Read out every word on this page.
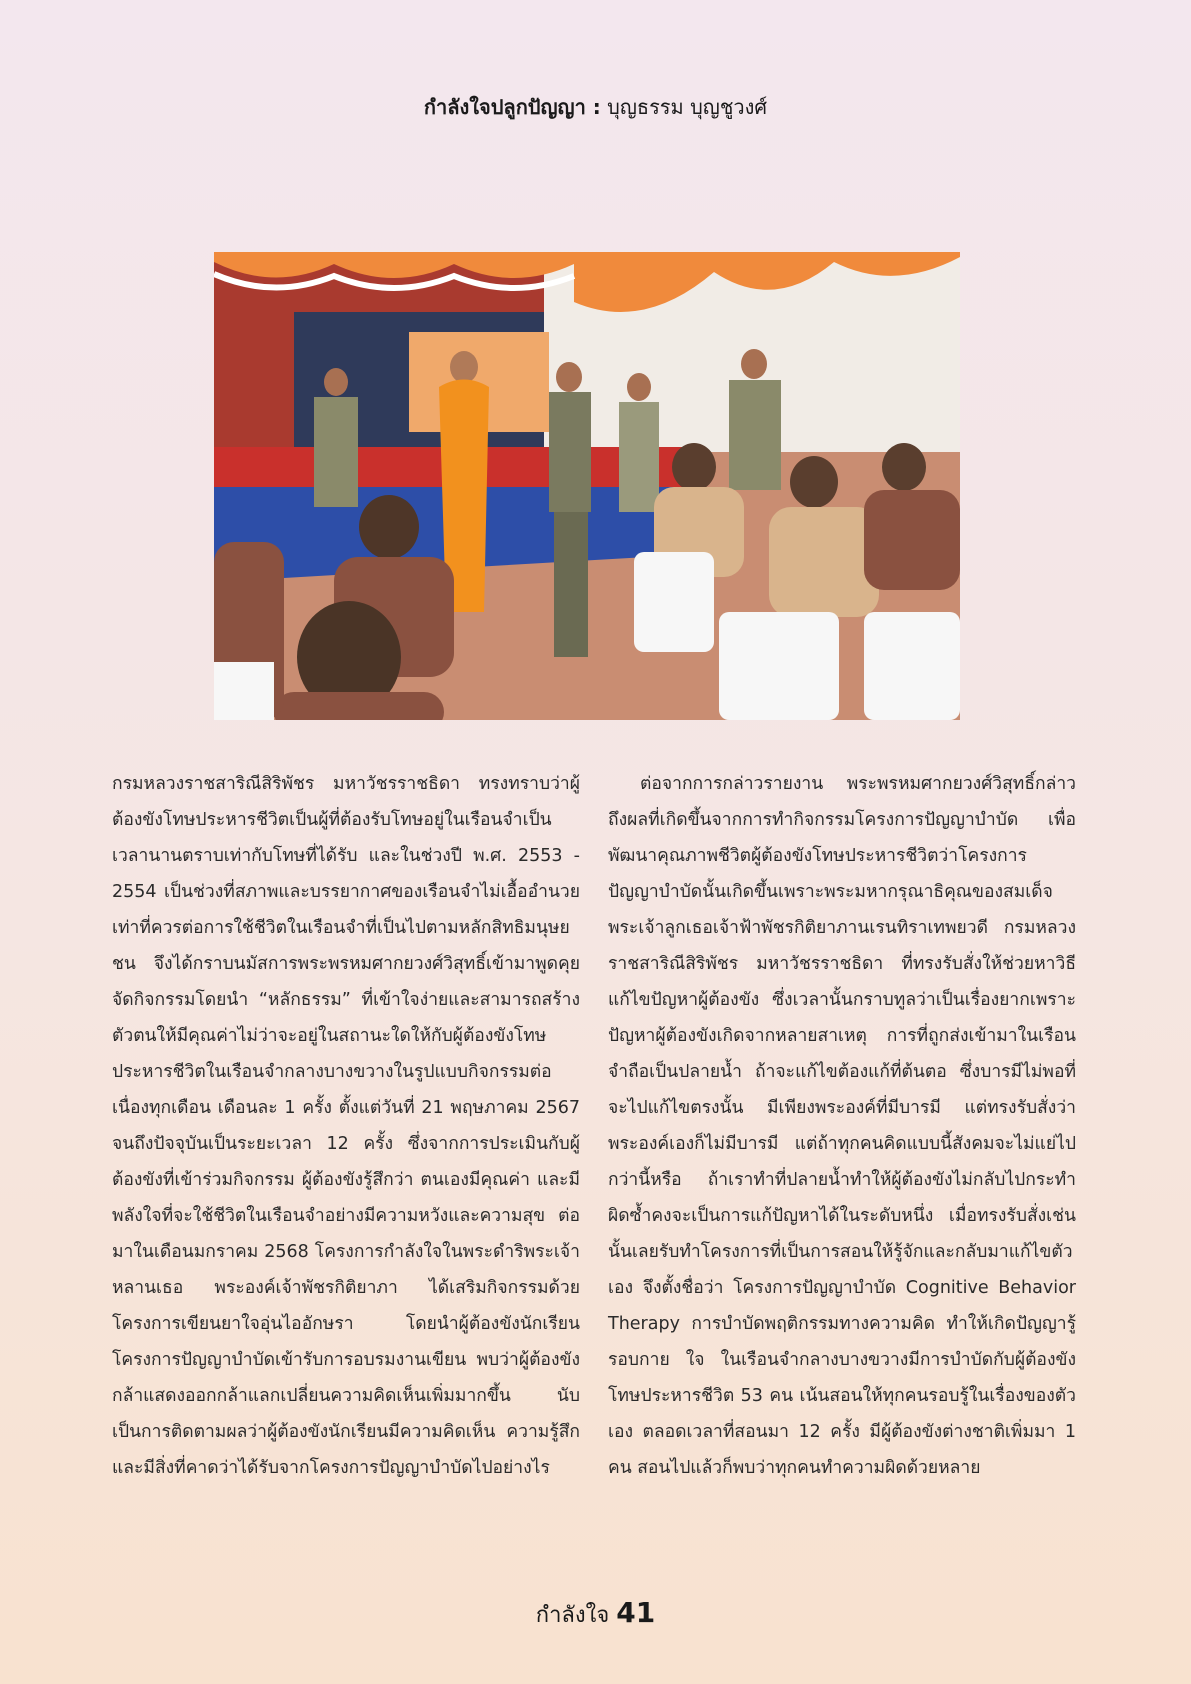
กำลังใจปลูกปัญญา : บุญธรรม บุญชูวงศ์

กรมหลวงราชสาริณีสิริพัชร มหาวัชรราชธิดา ทรงทราบว่าผู้ต้องขังโทษประหารชีวิตเป็นผู้ที่ต้องรับโทษอยู่ในเรือนจำเป็นเวลานานตราบเท่ากับโทษที่ได้รับ และในช่วงปี พ.ศ. 2553 - 2554 เป็นช่วงที่สภาพและบรรยากาศของเรือนจำไม่เอื้ออำนวยเท่าที่ควรต่อการใช้ชีวิตในเรือนจำที่เป็นไปตามหลักสิทธิมนุษยชน จึงได้กราบนมัสการพระพรหมศากยวงศ์วิสุทธิ์เข้ามาพูดคุย จัดกิจกรรมโดยนำ “หลักธรรม” ที่เข้าใจง่ายและสามารถสร้างตัวตนให้มีคุณค่าไม่ว่าจะอยู่ในสถานะใดให้กับผู้ต้องขังโทษประหารชีวิตในเรือนจำกลางบางขวางในรูปแบบกิจกรรมต่อเนื่องทุกเดือน เดือนละ 1 ครั้ง ตั้งแต่วันที่ 21 พฤษภาคม 2567 จนถึงปัจจุบันเป็นระยะเวลา 12 ครั้ง ซึ่งจากการประเมินกับผู้ต้องขังที่เข้าร่วมกิจกรรม ผู้ต้องขังรู้สึกว่า ตนเองมีคุณค่า และมีพลังใจที่จะใช้ชีวิตในเรือนจำอย่างมีความหวังและความสุข ต่อมาในเดือนมกราคม 2568 โครงการกำลังใจในพระดำริพระเจ้าหลานเธอ พระองค์เจ้าพัชรกิติยาภา ได้เสริมกิจกรรมด้วยโครงการเขียนยาใจอุ่นไออักษรา โดยนำผู้ต้องขังนักเรียนโครงการปัญญาบำบัดเข้ารับการอบรมงานเขียน พบว่าผู้ต้องขังกล้าแสดงออกกล้าแลกเปลี่ยนความคิดเห็นเพิ่มมากขึ้น นับเป็นการติดตามผลว่าผู้ต้องขังนักเรียนมีความคิดเห็น ความรู้สึก และมีสิ่งที่คาดว่าได้รับจากโครงการปัญญาบำบัดไปอย่างไร

ต่อจากการกล่าวรายงาน พระพรหมศากยวงศ์วิสุทธิ์กล่าวถึงผลที่เกิดขึ้นจากการทำกิจกรรมโครงการปัญญาบำบัด เพื่อพัฒนาคุณภาพชีวิตผู้ต้องขังโทษประหารชีวิตว่าโครงการปัญญาบำบัดนั้นเกิดขึ้นเพราะพระมหากรุณาธิคุณของสมเด็จพระเจ้าลูกเธอเจ้าฟ้าพัชรกิติยาภานเรนทิราเทพยวดี กรมหลวงราชสาริณีสิริพัชร มหาวัชรราชธิดา ที่ทรงรับสั่งให้ช่วยหาวิธีแก้ไขปัญหาผู้ต้องขัง ซึ่งเวลานั้นกราบทูลว่าเป็นเรื่องยากเพราะปัญหาผู้ต้องขังเกิดจากหลายสาเหตุ การที่ถูกส่งเข้ามาในเรือนจำถือเป็นปลายน้ำ ถ้าจะแก้ไขต้องแก้ที่ต้นตอ ซึ่งบารมีไม่พอที่จะไปแก้ไขตรงนั้น มีเพียงพระองค์ที่มีบารมี แต่ทรงรับสั่งว่าพระองค์เองก็ไม่มีบารมี แต่ถ้าทุกคนคิดแบบนี้สังคมจะไม่แย่ไปกว่านี้หรือ ถ้าเราทำที่ปลายน้ำทำให้ผู้ต้องขังไม่กลับไปกระทำผิดซ้ำคงจะเป็นการแก้ปัญหาได้ในระดับหนึ่ง เมื่อทรงรับสั่งเช่นนั้นเลยรับทำโครงการที่เป็นการสอนให้รู้จักและกลับมาแก้ไขตัวเอง จึงตั้งชื่อว่า โครงการปัญญาบำบัด Cognitive Behavior Therapy การบำบัดพฤติกรรมทางความคิด ทำให้เกิดปัญญารู้รอบกาย ใจ ในเรือนจำกลางบางขวางมีการบำบัดกับผู้ต้องขังโทษประหารชีวิต 53 คน เน้นสอนให้ทุกคนรอบรู้ในเรื่องของตัวเอง ตลอดเวลาที่สอนมา 12 ครั้ง มีผู้ต้องขังต่างชาติเพิ่มมา 1 คน สอนไปแล้วก็พบว่าทุกคนทำความผิดด้วยหลาย

กำลังใจ 41
